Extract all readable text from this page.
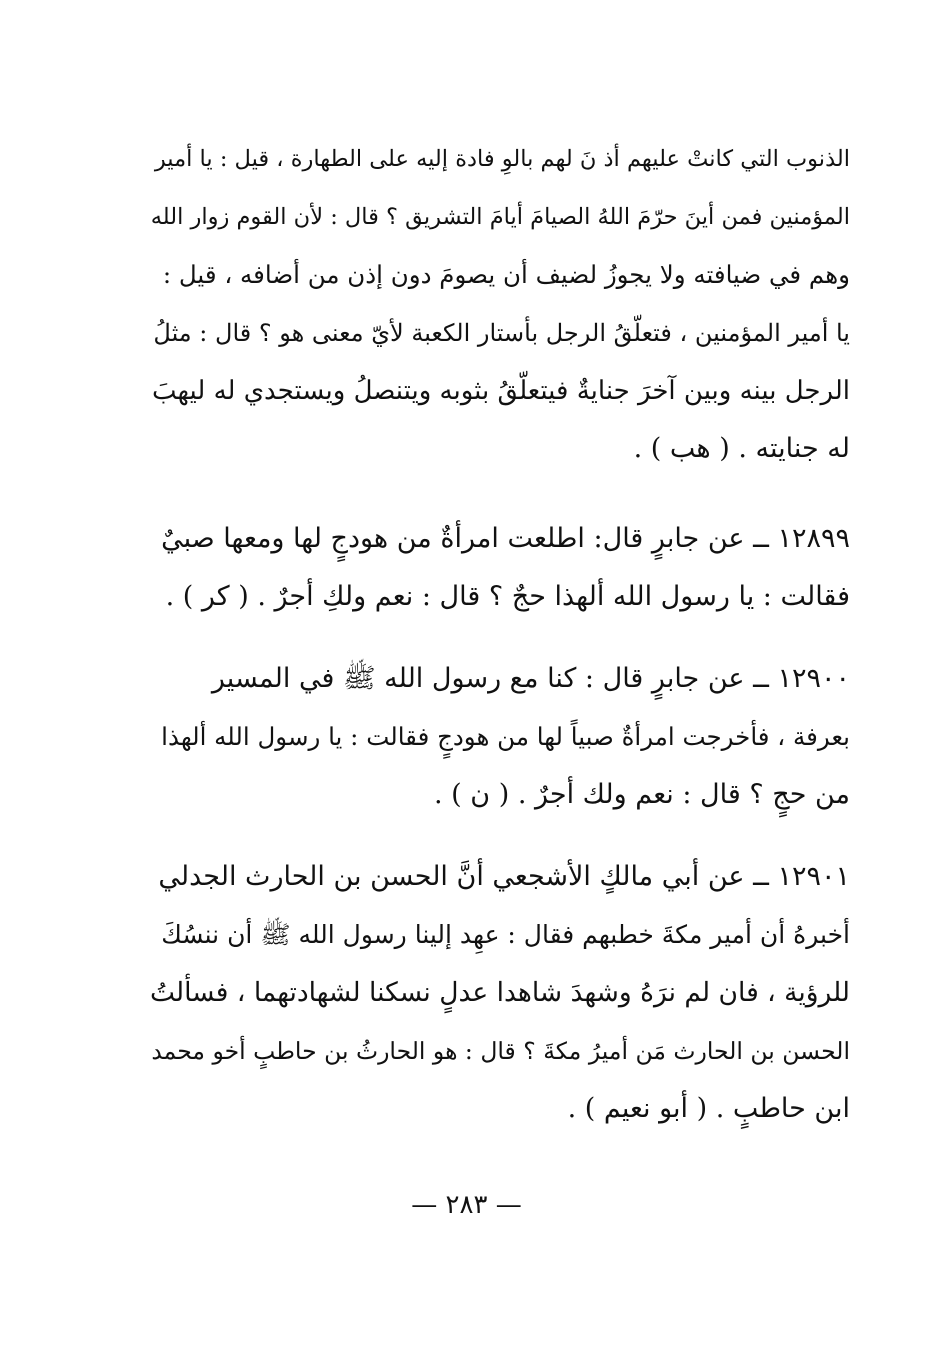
الذنوب التي كانتْ عليهم أذ نَ لهم بالوِ فادة إليه على الطهارة ، قيل : يا أمير
المؤمنين فمن أينَ حرّمَ اللهُ الصيامَ أيامَ التشريق ؟ قال : لأن القوم زوار الله
وهم في ضيافته ولا يجوزُ لضيف أن يصومَ دون إذن من أضافه ، قيل :
يا أمير المؤمنين ، فتعلّقُ الرجل بأستار الكعبة لأيّ معنى هو ؟ قال : مثلُ
الرجل بينه وبين آخرَ جنايةٌ فيتعلّقُ بثوبه ويتنصلُ ويستجدي له ليهبَ
له جنايته . ( هب ) .
١٢٨٩٩ ــ عن جابرٍ قال: اطلعت امرأةٌ من هودجٍ لها ومعها صبيٌ
فقالت : يا رسول الله ألهذا حجٌ ؟ قال : نعم ولكِ أجرٌ . ( كر ) .
١٢٩٠٠ ــ عن جابرٍ قال : كنا مع رسول الله ﷺ في المسير
بعرفة ، فأخرجت امرأةٌ صبياً لها من هودجٍ فقالت : يا رسول الله ألهذا
من حجٍ ؟ قال : نعم ولك أجرٌ . ( ن ) .
١٢٩٠١ ــ عن أبي مالكٍ الأشجعي أنَّ الحسن بن الحارث الجدلي
أخبرهُ أن أمير مكةَ خطبهم فقال : عهِد إلينا رسول الله ﷺ أن ننسُكَ
للرؤية ، فان لم نرَهُ وشهدَ شاهدا عدلٍ نسكنا لشهادتهما ، فسألتُ
الحسن بن الحارث مَن أميرُ مكةَ ؟ قال : هو الحارثُ بن حاطبٍ أخو محمد
ابن حاطبٍ . ( أبو نعيم ) .
— ٢٨٣ —
